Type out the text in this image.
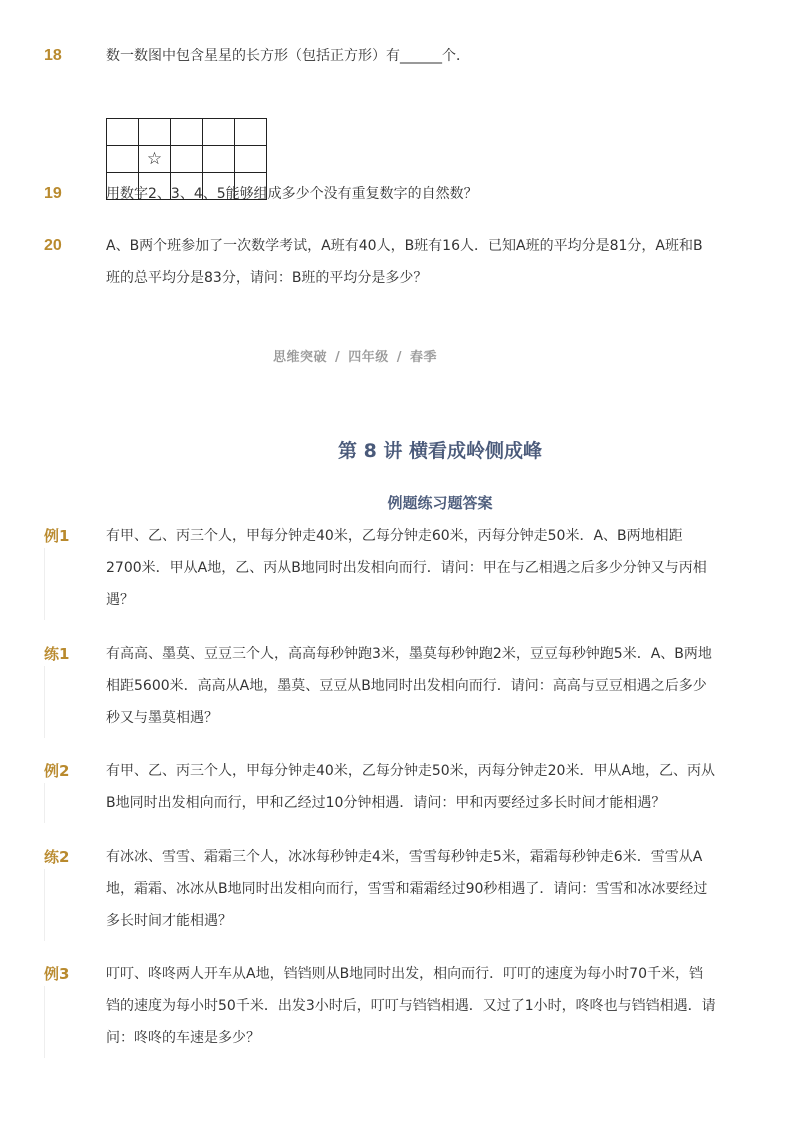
18	数一数图中包含星星的长方形（包括正方形）有______个．

	☆			

19	用数字2、3、4、5能够组成多少个没有重复数字的自然数？
20	A、B两个班参加了一次数学考试，A班有40人，B班有16人．已知A班的平均分是81分，A班和B班的总平均分是83分，请问：B班的平均分是多少？
思维突破 / 四年级 / 春季
第 8 讲 横看成岭侧成峰
例题练习题答案
例1	有甲、乙、丙三个人，甲每分钟走40米，乙每分钟走60米，丙每分钟走50米．A、B两地相距2700米．甲从A地，乙、丙从B地同时出发相向而行．请问：甲在与乙相遇之后多少分钟又与丙相遇？
练1	有高高、墨莫、豆豆三个人，高高每秒钟跑3米，墨莫每秒钟跑2米，豆豆每秒钟跑5米．A、B两地相距5600米．高高从A地，墨莫、豆豆从B地同时出发相向而行．请问：高高与豆豆相遇之后多少秒又与墨莫相遇？
例2	有甲、乙、丙三个人，甲每分钟走40米，乙每分钟走50米，丙每分钟走20米．甲从A地，乙、丙从B地同时出发相向而行，甲和乙经过10分钟相遇．请问：甲和丙要经过多长时间才能相遇？
练2	有冰冰、雪雪、霜霜三个人，冰冰每秒钟走4米，雪雪每秒钟走5米，霜霜每秒钟走6米．雪雪从A地，霜霜、冰冰从B地同时出发相向而行，雪雪和霜霜经过90秒相遇了．请问：雪雪和冰冰要经过多长时间才能相遇？
例3	叮叮、咚咚两人开车从A地，铛铛则从B地同时出发，相向而行．叮叮的速度为每小时70千米，铛铛的速度为每小时50千米．出发3小时后，叮叮与铛铛相遇．又过了1小时，咚咚也与铛铛相遇．请问：咚咚的车速是多少？
